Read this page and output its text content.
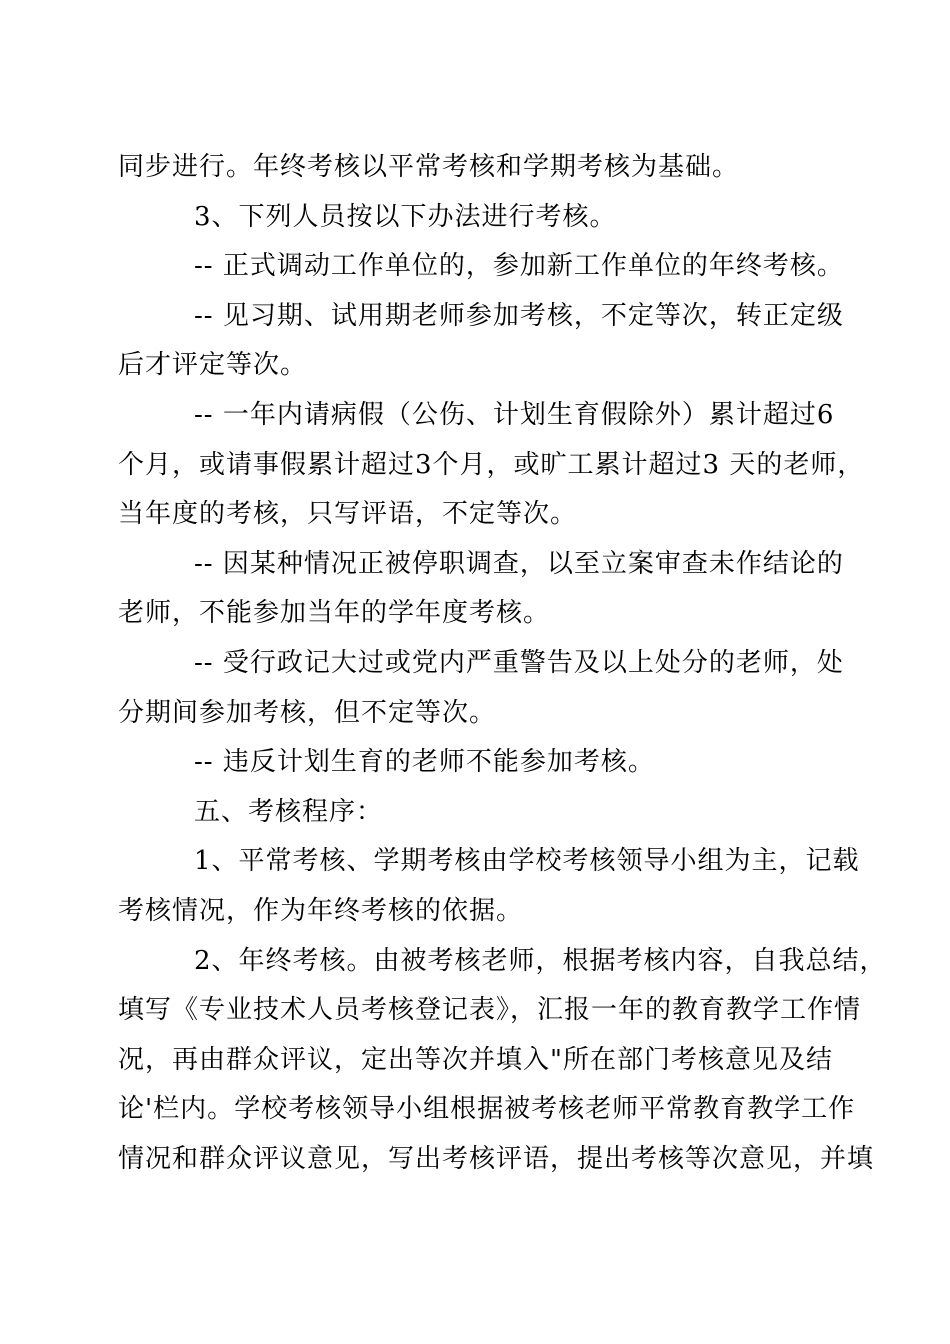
同步进行。年终考核以平常考核和学期考核为基础。
3、下列人员按以下办法进行考核。
-- 正式调动工作单位的，参加新工作单位的年终考核。
-- 见习期、试用期老师参加考核，不定等次，转正定级
后才评定等次。
-- 一年内请病假（公伤、计划生育假除外）累计超过6
个月，或请事假累计超过3个月，或旷工累计超过3 天的老师，
当年度的考核，只写评语，不定等次。
-- 因某种情况正被停职调查，以至立案审查未作结论的
老师，不能参加当年的学年度考核。
-- 受行政记大过或党内严重警告及以上处分的老师，处
分期间参加考核，但不定等次。
-- 违反计划生育的老师不能参加考核。
五、考核程序：
1、平常考核、学期考核由学校考核领导小组为主，记载
考核情况，作为年终考核的依据。
2、年终考核。由被考核老师，根据考核内容，自我总结，
填写《专业技术人员考核登记表》，汇报一年的教育教学工作情
况，再由群众评议，定出等次并填入"所在部门考核意见及结
论'栏内。学校考核领导小组根据被考核老师平常教育教学工作
情况和群众评议意见，写出考核评语，提出考核等次意见，并填
